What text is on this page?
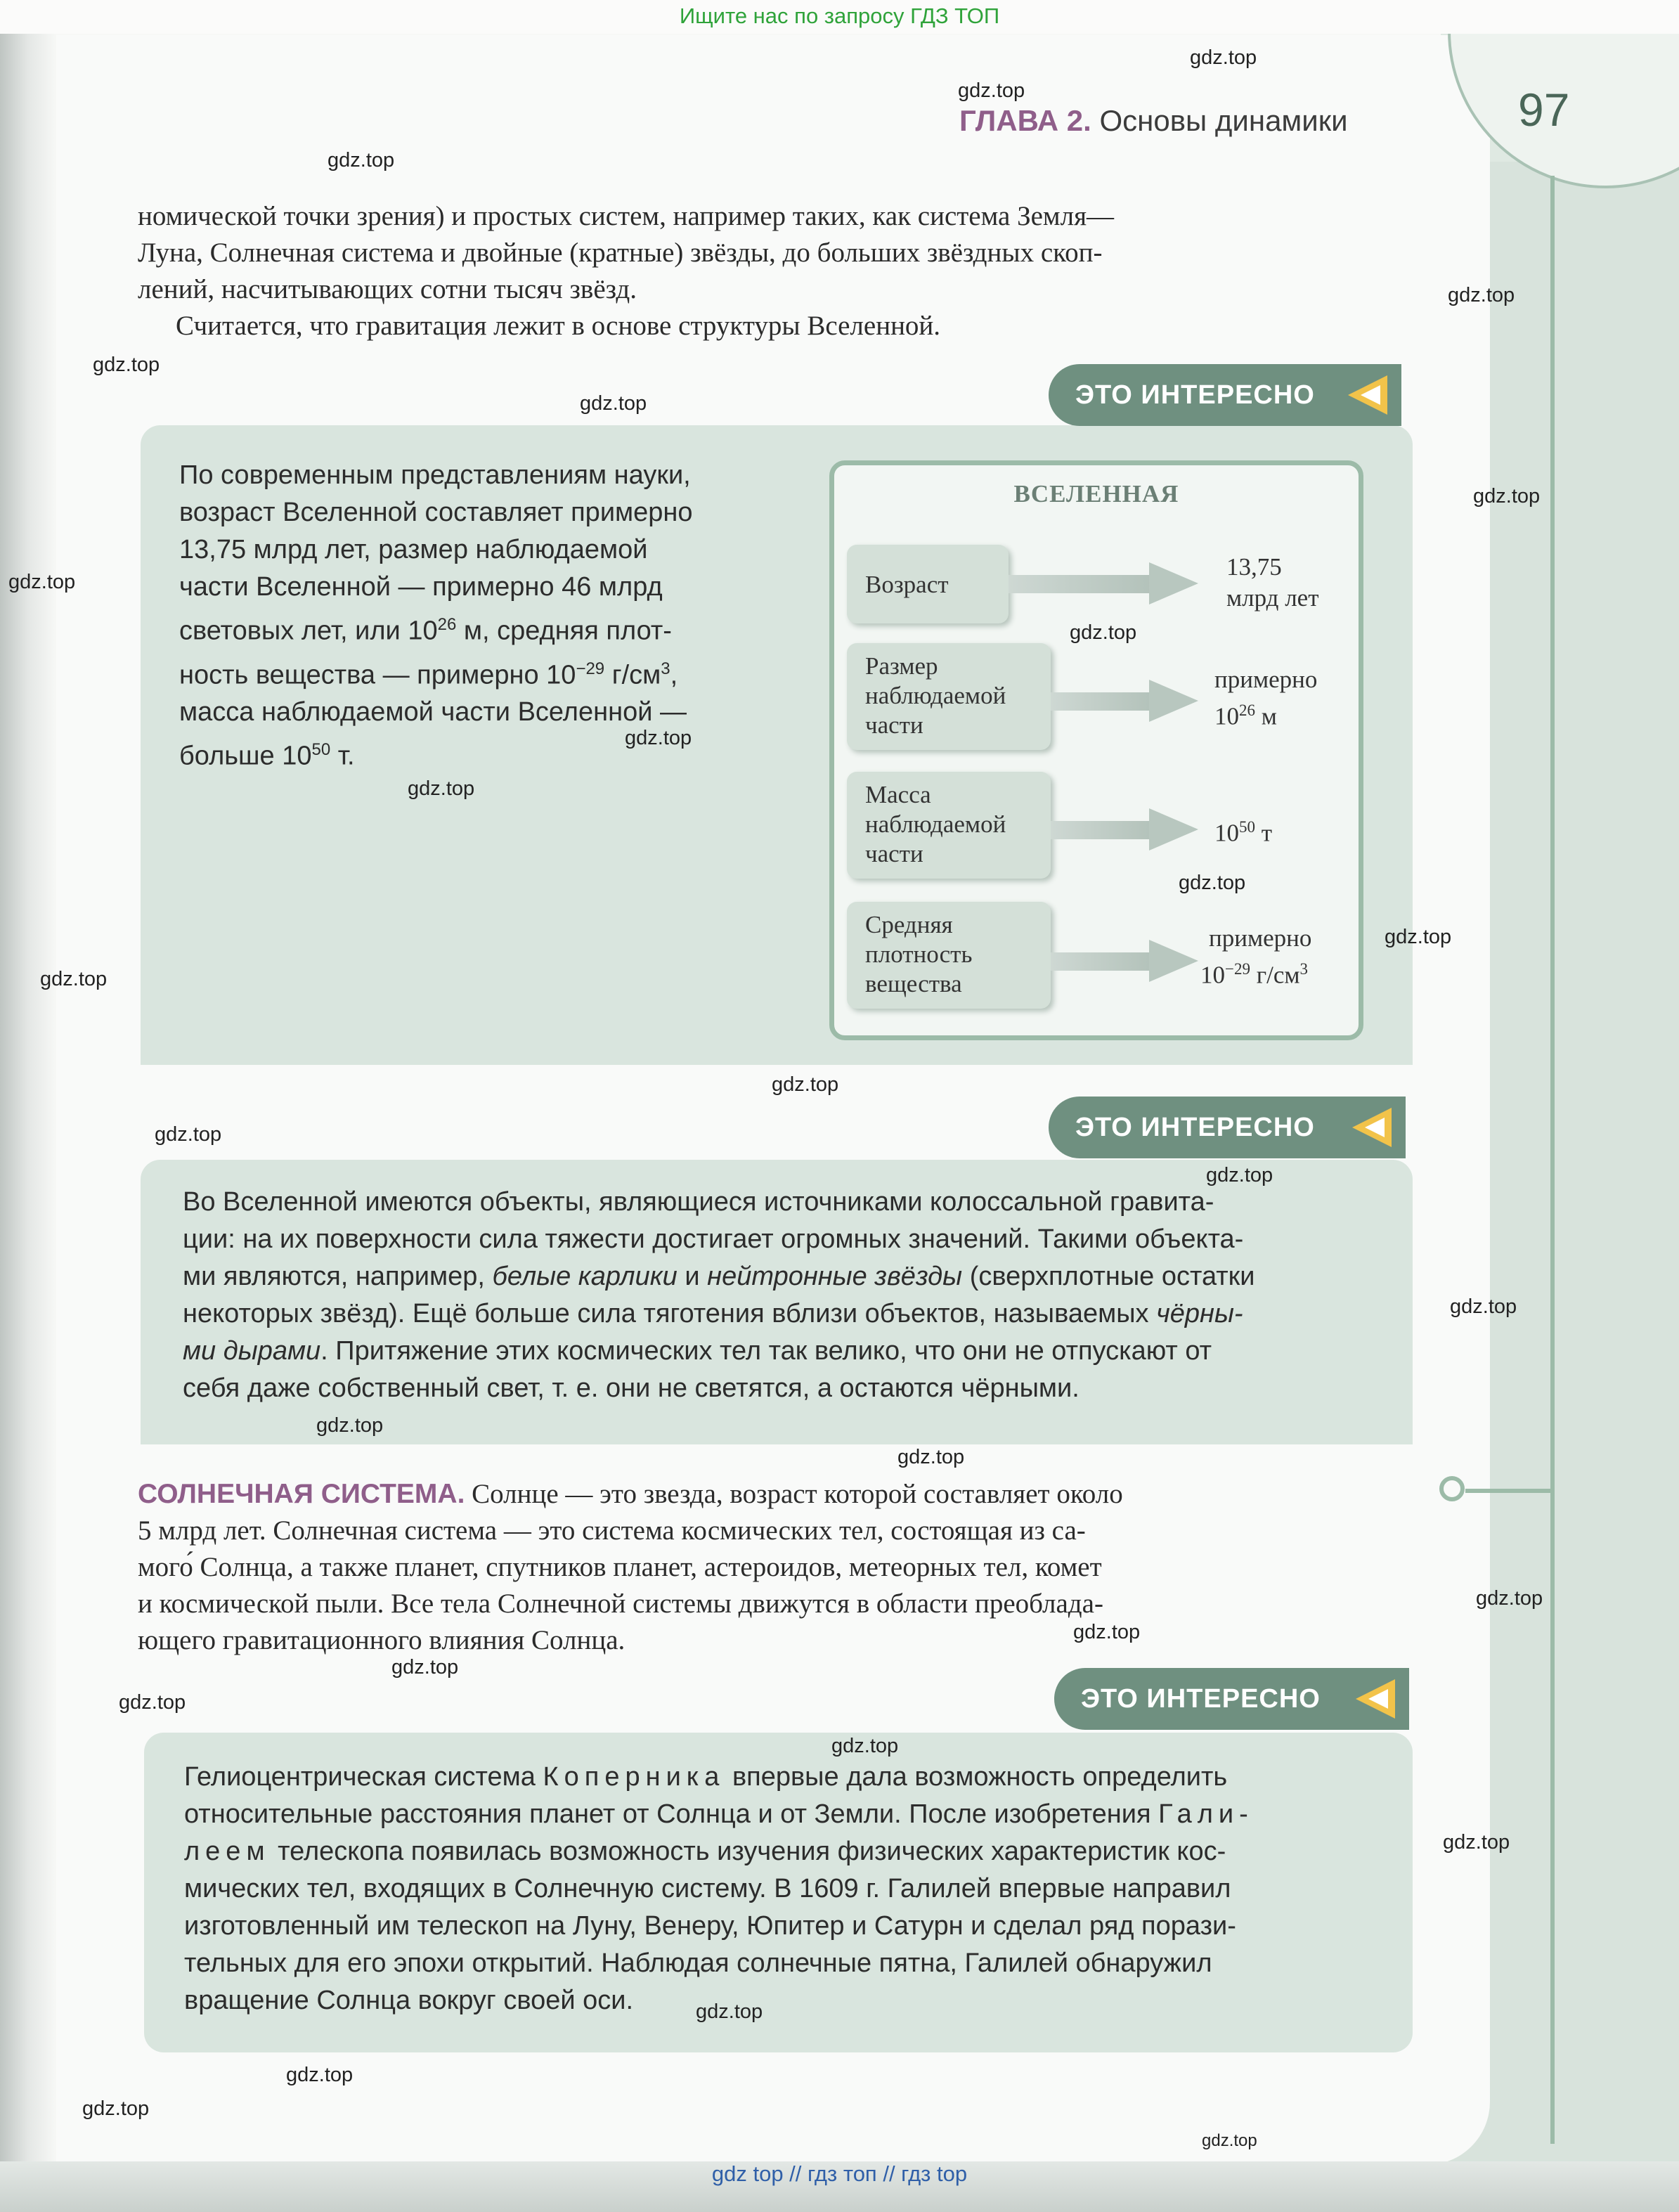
Ищите нас по запросу ГДЗ ТОП
gdz top // гдз топ // гдз top
97
ГЛАВА 2. Основы динамики
номической точки зрения) и простых систем, например таких, как система Земля—
Луна, Солнечная система и двойные (кратные) звёзды, до больших звёздных скоп-
лений, насчитывающих сотни тысяч звёзд.
Считается, что гравитация лежит в основе структуры Вселенной.
ЭТО ИНТЕРЕСНО
По современным представлениям науки,
возраст Вселенной составляет примерно
13,75 млрд лет, размер наблюдаемой
части Вселенной — примерно 46 млрд
световых лет, или $10^{26}$ м, средняя плот-
ность вещества — примерно $10^{-29}$ $г/см^3$,
масса наблюдаемой части Вселенной —
больше $10^{50}$ т.
ВСЕЛЕННАЯ
Возраст
13,75
млрд лет
Размер
наблюдаемой
части
примерно
$10^{26}$ м
Масса
наблюдаемой
части
$10^{50}$ т
Средняя
плотность
вещества
примерно
$10^{-29}$ $г/см^3$
ЭТО ИНТЕРЕСНО
Во Вселенной имеются объекты, являющиеся источниками колоссальной гравита-
ции: на их поверхности сила тяжести достигает огромных значений. Такими объекта-
ми являются, например, белые карлики и нейтронные звёзды (сверхплотные остатки
некоторых звёзд). Ещё больше сила тяготения вблизи объектов, называемых чёрны-
ми дырами. Притяжение этих космических тел так велико, что они не отпускают от
себя даже собственный свет, т. е. они не светятся, а остаются чёрными.
СОЛНЕЧНАЯ СИСТЕМА. Солнце — это звезда, возраст которой составляет около
5 млрд лет. Солнечная система — это система космических тел, состоящая из са-
мого́ Солнца, а также планет, спутников планет, астероидов, метеорных тел, комет
и космической пыли. Все тела Солнечной системы движутся в области преоблада-
ющего гравитационного влияния Солнца.
ЭТО ИНТЕРЕСНО
Гелиоцентрическая система Коперника впервые дала возможность определить
относительные расстояния планет от Солнца и от Земли. После изобретения Гали-
леем телескопа появилась возможность изучения физических характеристик кос-
мических тел, входящих в Солнечную систему. В 1609 г. Галилей впервые направил
изготовленный им телескоп на Луну, Венеру, Юпитер и Сатурн и сделал ряд порази-
тельных для его эпохи открытий. Наблюдая солнечные пятна, Галилей обнаружил
вращение Солнца вокруг своей оси.
gdz.top
gdz.top
gdz.top
gdz.top
gdz.top
gdz.top
gdz.top
gdz.top
gdz.top
gdz.top
gdz.top
gdz.top
gdz.top
gdz.top
gdz.top
gdz.top
gdz.top
gdz.top
gdz.top
gdz.top
gdz.top
gdz.top
gdz.top
gdz.top
gdz.top
gdz.top
gdz.top
gdz.top
gdz.top
gdz.top
